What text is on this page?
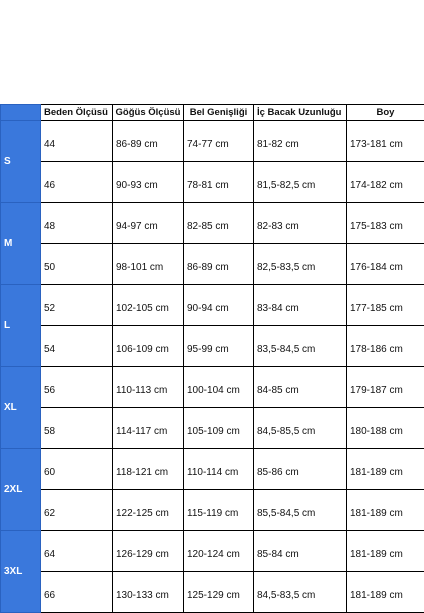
	Beden Ölçüsü	Göğüs Ölçüsü	Bel Genişliği	İç Bacak Uzunluğu	Boy
S	44	86-89 cm	74-77 cm	81-82 cm	173-181 cm
	46	90-93 cm	78-81 cm	81,5-82,5 cm	174-182 cm
M	48	94-97 cm	82-85 cm	82-83 cm	175-183 cm
	50	98-101 cm	86-89 cm	82,5-83,5 cm	176-184 cm
L	52	102-105 cm	90-94 cm	83-84 cm	177-185 cm
	54	106-109 cm	95-99 cm	83,5-84,5 cm	178-186 cm
XL	56	110-113 cm	100-104 cm	84-85 cm	179-187 cm
	58	114-117 cm	105-109 cm	84,5-85,5 cm	180-188 cm
2XL	60	118-121 cm	110-114 cm	85-86 cm	181-189 cm
	62	122-125 cm	115-119 cm	85,5-84,5 cm	181-189 cm
3XL	64	126-129 cm	120-124 cm	85-84 cm	181-189 cm
	66	130-133 cm	125-129 cm	84,5-83,5 cm	181-189 cm
